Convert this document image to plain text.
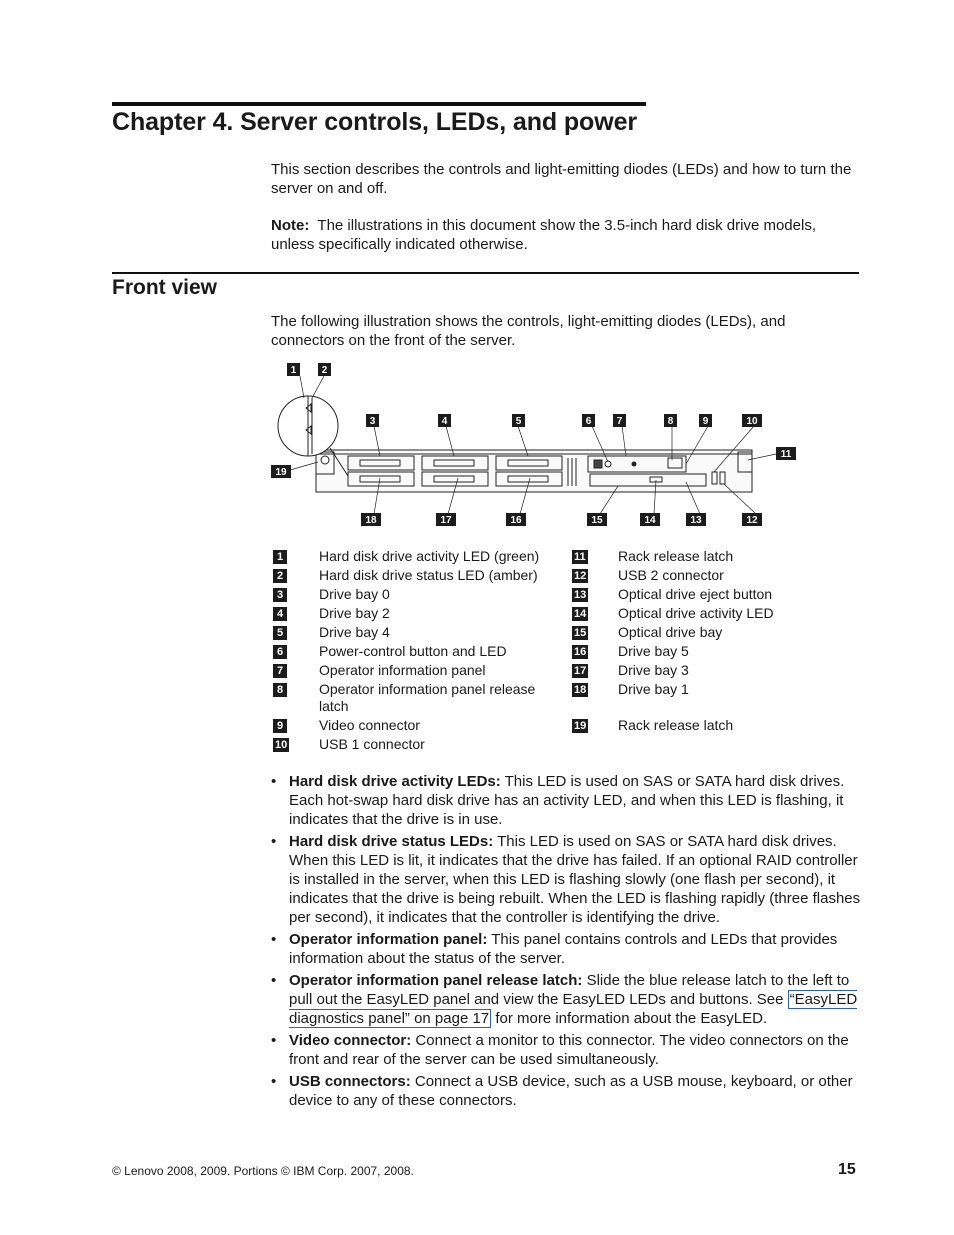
Chapter 4. Server controls, LEDs, and power

This section describes the controls and light-emitting diodes (LEDs) and how to turn the server on and off.

Note: The illustrations in this document show the 3.5-inch hard disk drive models, unless specifically indicated otherwise.

Front view

The following illustration shows the controls, light-emitting diodes (LEDs), and connectors on the front of the server.

1	2
3	4	5	6	7	8	9	10
11
19
18	17	16	15	14	13	12
1	Hard disk drive activity LED (green)
2	Hard disk drive status LED (amber)
3	Drive bay 0
4	Drive bay 2
5	Drive bay 4
6	Power-control button and LED
7	Operator information panel
8	Operator information panel release latch
9	Video connector
10 USB 1 connector
11 Rack release latch
12 USB 2 connector
13 Optical drive eject button
14 Optical drive activity LED
15 Optical drive bay
16 Drive bay 5
17 Drive bay 3
18 Drive bay 1
19 Rack release latch
• Hard disk drive activity LEDs: This LED is used on SAS or SATA hard disk drives. Each hot-swap hard disk drive has an activity LED, and when this LED is flashing, it indicates that the drive is in use.
• Hard disk drive status LEDs: This LED is used on SAS or SATA hard disk drives. When this LED is lit, it indicates that the drive has failed. If an optional RAID controller is installed in the server, when this LED is flashing slowly (one flash per second), it indicates that the drive is being rebuilt. When the LED is flashing rapidly (three flashes per second), it indicates that the controller is identifying the drive.
• Operator information panel: This panel contains controls and LEDs that provides information about the status of the server.
• Operator information panel release latch: Slide the blue release latch to the left to pull out the EasyLED panel and view the EasyLED LEDs and buttons. See “EasyLED diagnostics panel” on page 17 for more information about the EasyLED.
• Video connector: Connect a monitor to this connector. The video connectors on the front and rear of the server can be used simultaneously.
• USB connectors: Connect a USB device, such as a USB mouse, keyboard, or other device to any of these connectors.
© Lenovo 2008, 2009. Portions © IBM Corp. 2007, 2008.	15
